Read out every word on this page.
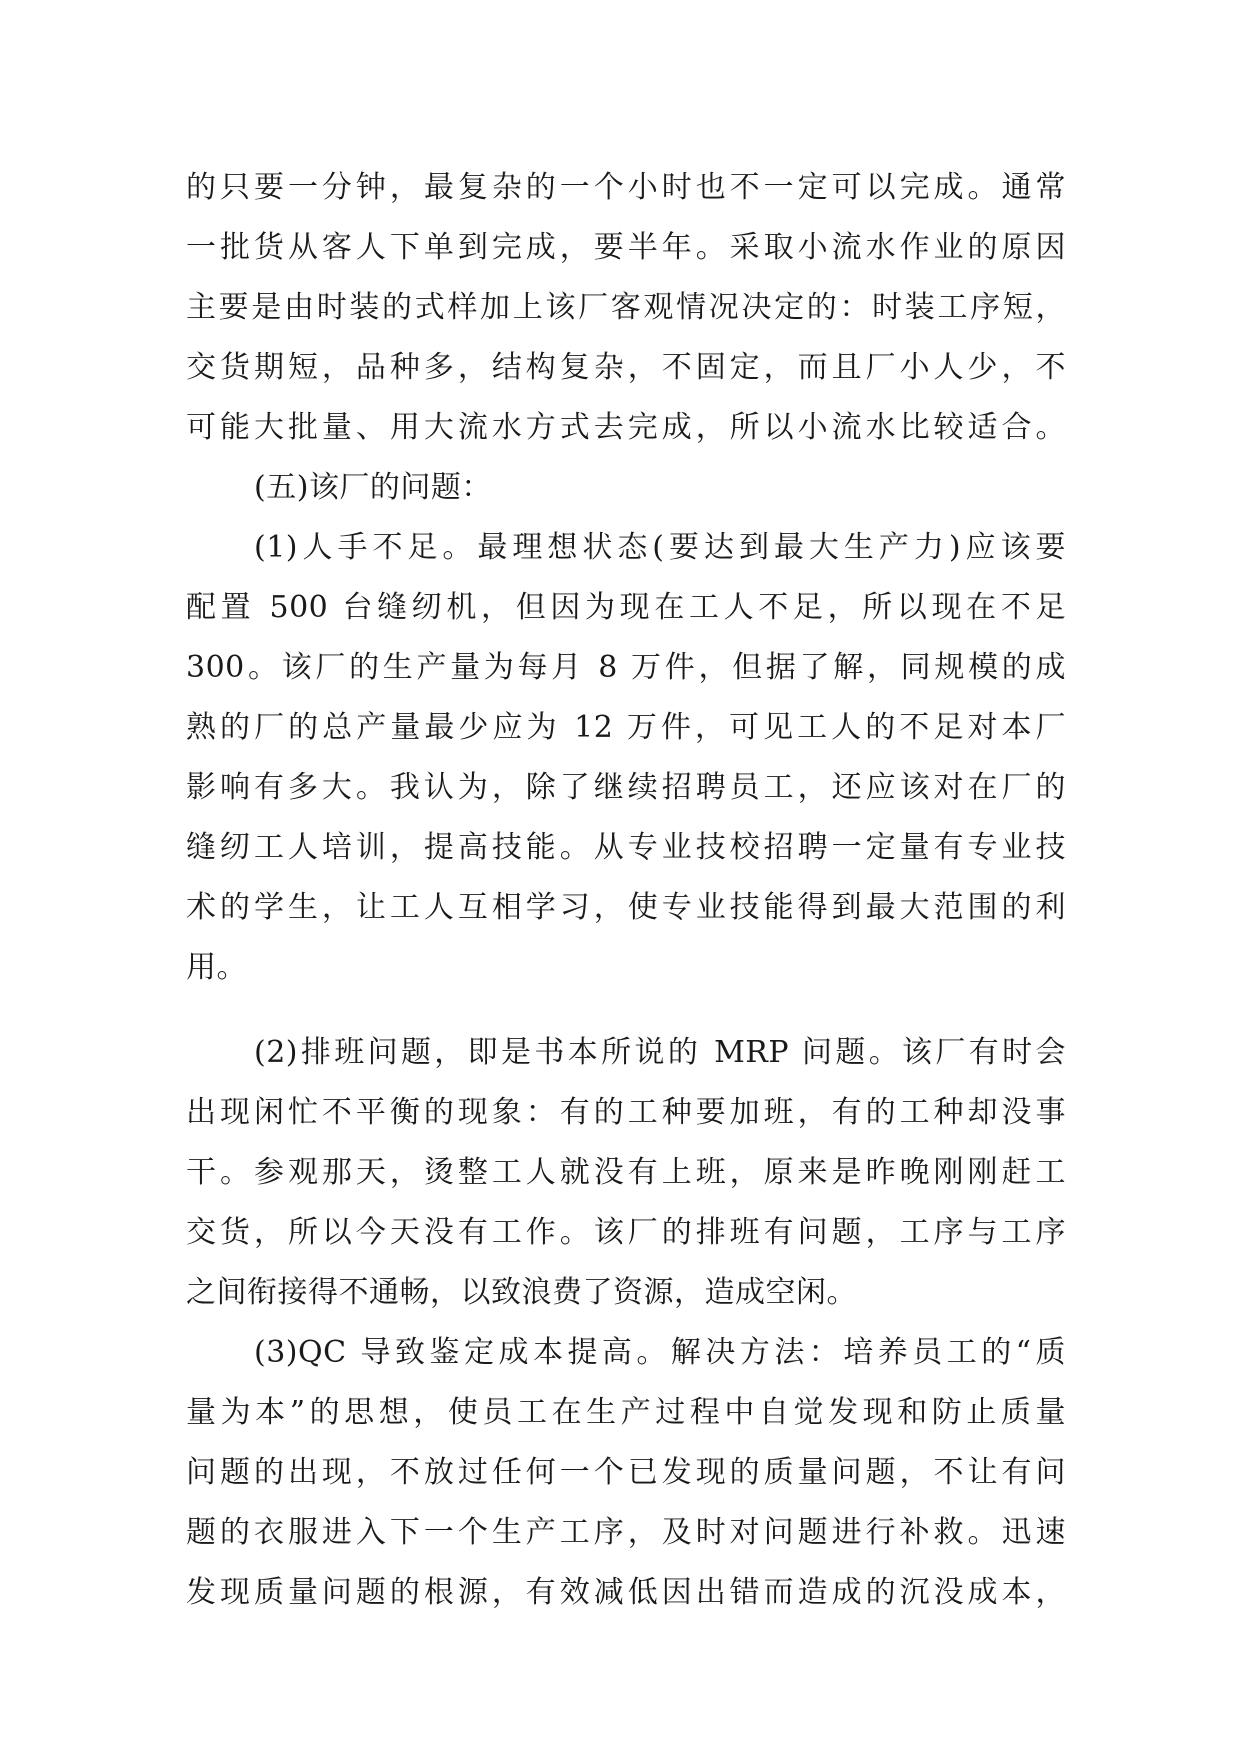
的只要一分钟，最复杂的一个小时也不一定可以完成。通常
一批货从客人下单到完成，要半年。采取小流水作业的原因
主要是由时装的式样加上该厂客观情况决定的：时装工序短，
交货期短，品种多，结构复杂，不固定，而且厂小人少，不
可能大批量、用大流水方式去完成，所以小流水比较适合。
(五)该厂的问题：
(1)人手不足。最理想状态(要达到最大生产力)应该要
配置 500 台缝纫机，但因为现在工人不足，所以现在不足
300。该厂的生产量为每月 8 万件，但据了解，同规模的成
熟的厂的总产量最少应为 12 万件，可见工人的不足对本厂
影响有多大。我认为，除了继续招聘员工，还应该对在厂的
缝纫工人培训，提高技能。从专业技校招聘一定量有专业技
术的学生，让工人互相学习，使专业技能得到最大范围的利
用。
(2)排班问题，即是书本所说的 MRP 问题。该厂有时会
出现闲忙不平衡的现象：有的工种要加班，有的工种却没事
干。参观那天，烫整工人就没有上班，原来是昨晚刚刚赶工
交货，所以今天没有工作。该厂的排班有问题，工序与工序
之间衔接得不通畅，以致浪费了资源，造成空闲。
(3)QC 导致鉴定成本提高。解决方法：培养员工的“质
量为本”的思想，使员工在生产过程中自觉发现和防止质量
问题的出现，不放过任何一个已发现的质量问题，不让有问
题的衣服进入下一个生产工序，及时对问题进行补救。迅速
发现质量问题的根源，有效减低因出错而造成的沉没成本，
